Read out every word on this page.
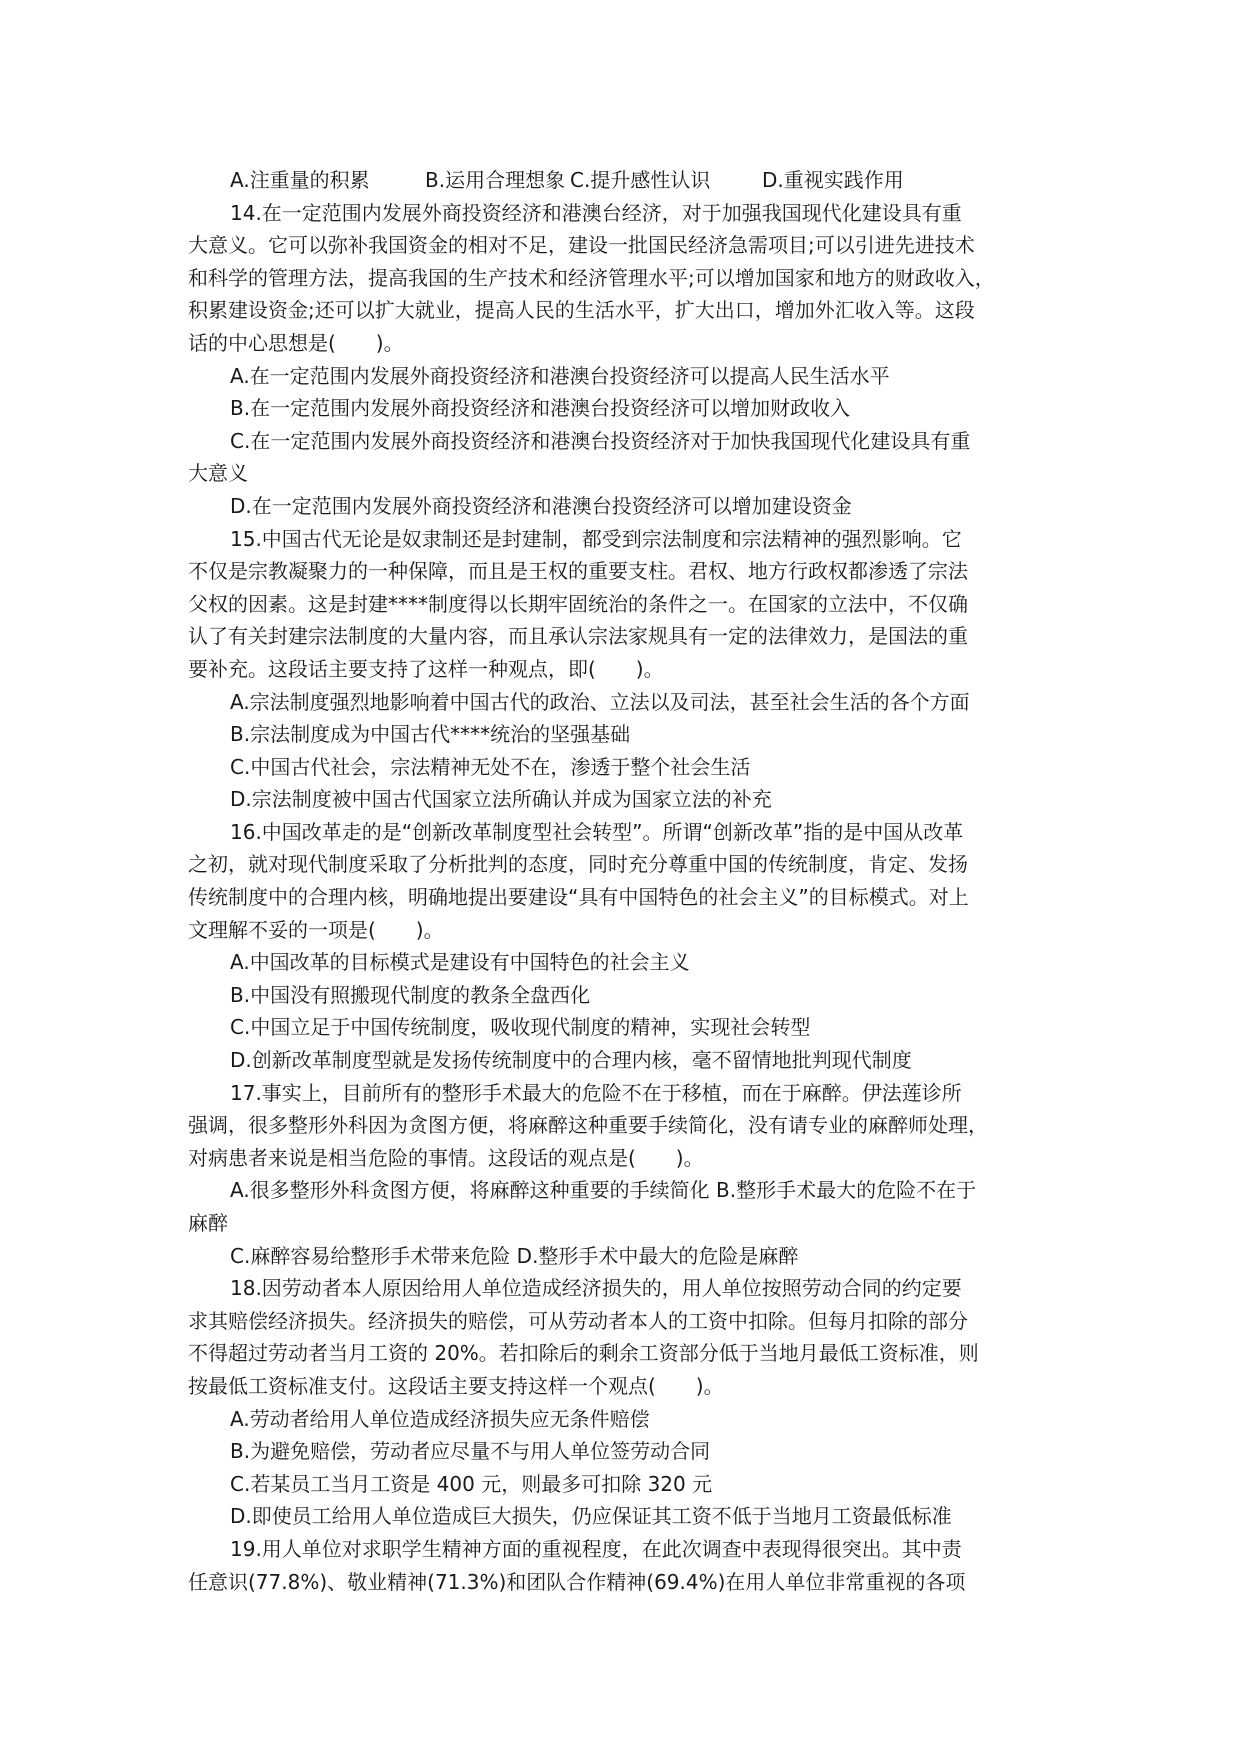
A.注重量的积累	B.运用合理想象 C.提升感性认识	D.重视实践作用
14.在一定范围内发展外商投资经济和港澳台经济，对于加强我国现代化建设具有重
大意义。它可以弥补我国资金的相对不足，建设一批国民经济急需项目;可以引进先进技术
和科学的管理方法，提高我国的生产技术和经济管理水平;可以增加国家和地方的财政收入，
积累建设资金;还可以扩大就业，提高人民的生活水平，扩大出口，增加外汇收入等。这段
话的中心思想是(　　)。
A.在一定范围内发展外商投资经济和港澳台投资经济可以提高人民生活水平
B.在一定范围内发展外商投资经济和港澳台投资经济可以增加财政收入
C.在一定范围内发展外商投资经济和港澳台投资经济对于加快我国现代化建设具有重
大意义
D.在一定范围内发展外商投资经济和港澳台投资经济可以增加建设资金
15.中国古代无论是奴隶制还是封建制，都受到宗法制度和宗法精神的强烈影响。它
不仅是宗教凝聚力的一种保障，而且是王权的重要支柱。君权、地方行政权都渗透了宗法
父权的因素。这是封建****制度得以长期牢固统治的条件之一。在国家的立法中，不仅确
认了有关封建宗法制度的大量内容，而且承认宗法家规具有一定的法律效力，是国法的重
要补充。这段话主要支持了这样一种观点，即(　　)。
A.宗法制度强烈地影响着中国古代的政治、立法以及司法，甚至社会生活的各个方面
B.宗法制度成为中国古代****统治的坚强基础
C.中国古代社会，宗法精神无处不在，渗透于整个社会生活
D.宗法制度被中国古代国家立法所确认并成为国家立法的补充
16.中国改革走的是“创新改革制度型社会转型”。所谓“创新改革”指的是中国从改革
之初，就对现代制度采取了分析批判的态度，同时充分尊重中国的传统制度，肯定、发扬
传统制度中的合理内核，明确地提出要建设“具有中国特色的社会主义”的目标模式。对上
文理解不妥的一项是(　　)。
A.中国改革的目标模式是建设有中国特色的社会主义
B.中国没有照搬现代制度的教条全盘西化
C.中国立足于中国传统制度，吸收现代制度的精神，实现社会转型
D.创新改革制度型就是发扬传统制度中的合理内核，毫不留情地批判现代制度
17.事实上，目前所有的整形手术最大的危险不在于移植，而在于麻醉。伊法莲诊所
强调，很多整形外科因为贪图方便，将麻醉这种重要手续简化，没有请专业的麻醉师处理，
对病患者来说是相当危险的事情。这段话的观点是(　　)。
A.很多整形外科贪图方便，将麻醉这种重要的手续简化 B.整形手术最大的危险不在于
麻醉
C.麻醉容易给整形手术带来危险 D.整形手术中最大的危险是麻醉
18.因劳动者本人原因给用人单位造成经济损失的，用人单位按照劳动合同的约定要
求其赔偿经济损失。经济损失的赔偿，可从劳动者本人的工资中扣除。但每月扣除的部分
不得超过劳动者当月工资的 20%。若扣除后的剩余工资部分低于当地月最低工资标准，则
按最低工资标准支付。这段话主要支持这样一个观点(　　)。
A.劳动者给用人单位造成经济损失应无条件赔偿
B.为避免赔偿，劳动者应尽量不与用人单位签劳动合同
C.若某员工当月工资是 400 元，则最多可扣除 320 元
D.即使员工给用人单位造成巨大损失，仍应保证其工资不低于当地月工资最低标准
19.用人单位对求职学生精神方面的重视程度，在此次调查中表现得很突出。其中责
任意识(77.8%)、敬业精神(71.3%)和团队合作精神(69.4%)在用人单位非常重视的各项
